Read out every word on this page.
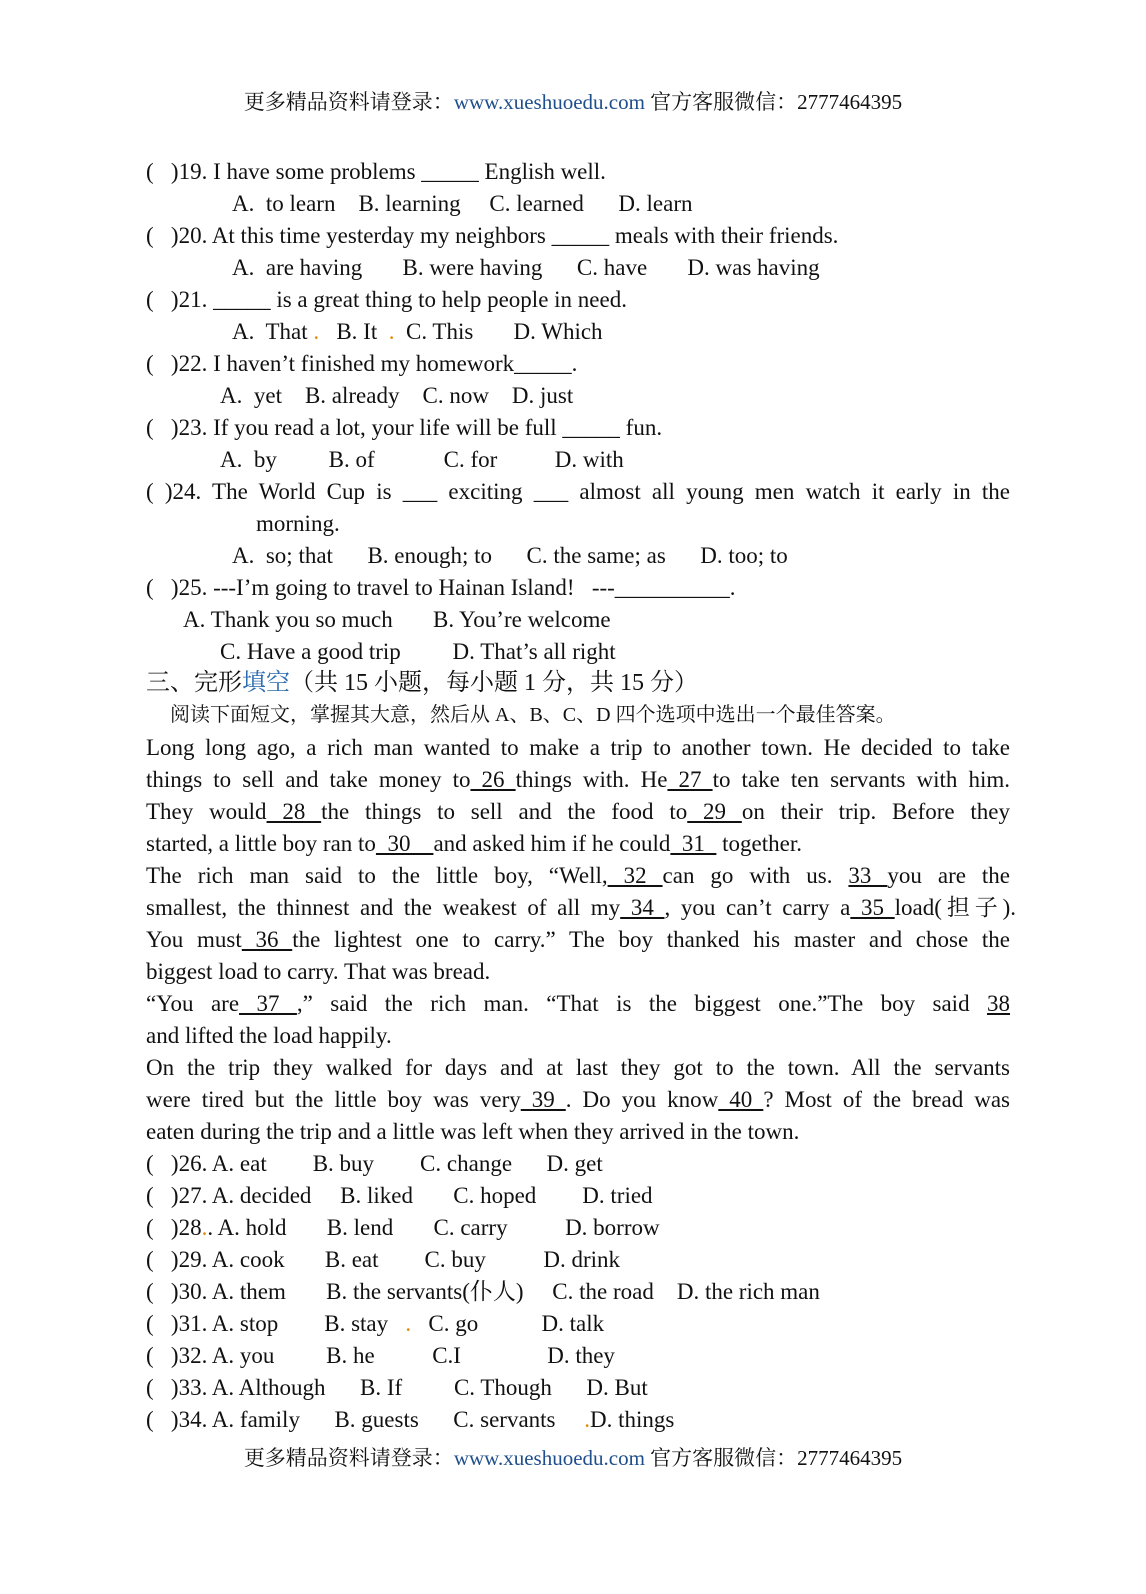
更多精品资料请登录：www.xueshuoedu.com 官方客服微信：2777464395
(   )19. I have some problems _____ English well.
A.  to learn    B. learning     C. learned      D. learn
(   )20. At this time yesterday my neighbors _____ meals with their friends.
A.  are having       B. were having      C. have       D. was having
(   )21. _____ is a great thing to help people in need.
A.  That .   B. It  .  C. This       D. Which
(   )22. I haven’t finished my homework_____.
A.  yet    B. already    C. now    D. just
(   )23. If you read a lot, your life will be full _____ fun.
A.  by         B. of            C. for          D. with
( )24. The World Cup is ___ exciting ___ almost all young men watch it early in the
morning.
A.  so; that      B. enough; to      C. the same; as      D. too; to
(   )25. ---I’m going to travel to Hainan Island!   ---__________.
A. Thank you so much       B. You’re welcome
C. Have a good trip         D. That’s all right
三、完形填空（共 15 小题，每小题 1 分，共 15 分）
阅读下面短文，掌握其大意，然后从 A、B、C、D 四个选项中选出一个最佳答案。
Long long ago, a rich man wanted to make a trip to another town. He decided to take
things to sell and take money to 26 things with. He 27 to take ten servants with him.
They would 28 the things to sell and the food to 29 on their trip. Before they
started, a little boy ran to  30    and asked him if he could  31   together.
The rich man said to the little boy, “Well, 32 can go with us. 33 you are the
smallest, the thinnest and the weakest of all my 34 , you can’t carry a 35 load(担子).
You must 36 the lightest one to carry.” The boy thanked his master and chose the
biggest load to carry. That was bread.
“You are 37 ,” said the rich man. “That is the biggest one.”The boy said 38
and lifted the load happily.
On the trip they walked for days and at last they got to the town. All the servants
were tired but the little boy was very 39 . Do you know 40 ? Most of the bread was
eaten during the trip and a little was left when they arrived in the town.
(   )26. A. eat        B. buy        C. change      D. get
(   )27. A. decided     B. liked       C. hoped        D. tried
(   )28.. A. hold       B. lend       C. carry          D. borrow
(   )29. A. cook       B. eat        C. buy          D. drink
(   )30. A. them       B. the servants(仆人)     C. the road    D. the rich man
(   )31. A. stop        B. stay   .   C. go           D. talk
(   )32. A. you         B. he          C.I               D. they
(   )33. A. Although      B. If         C. Though      D. But
(   )34. A. family      B. guests      C. servants     .D. things
更多精品资料请登录：www.xueshuoedu.com 官方客服微信：2777464395
